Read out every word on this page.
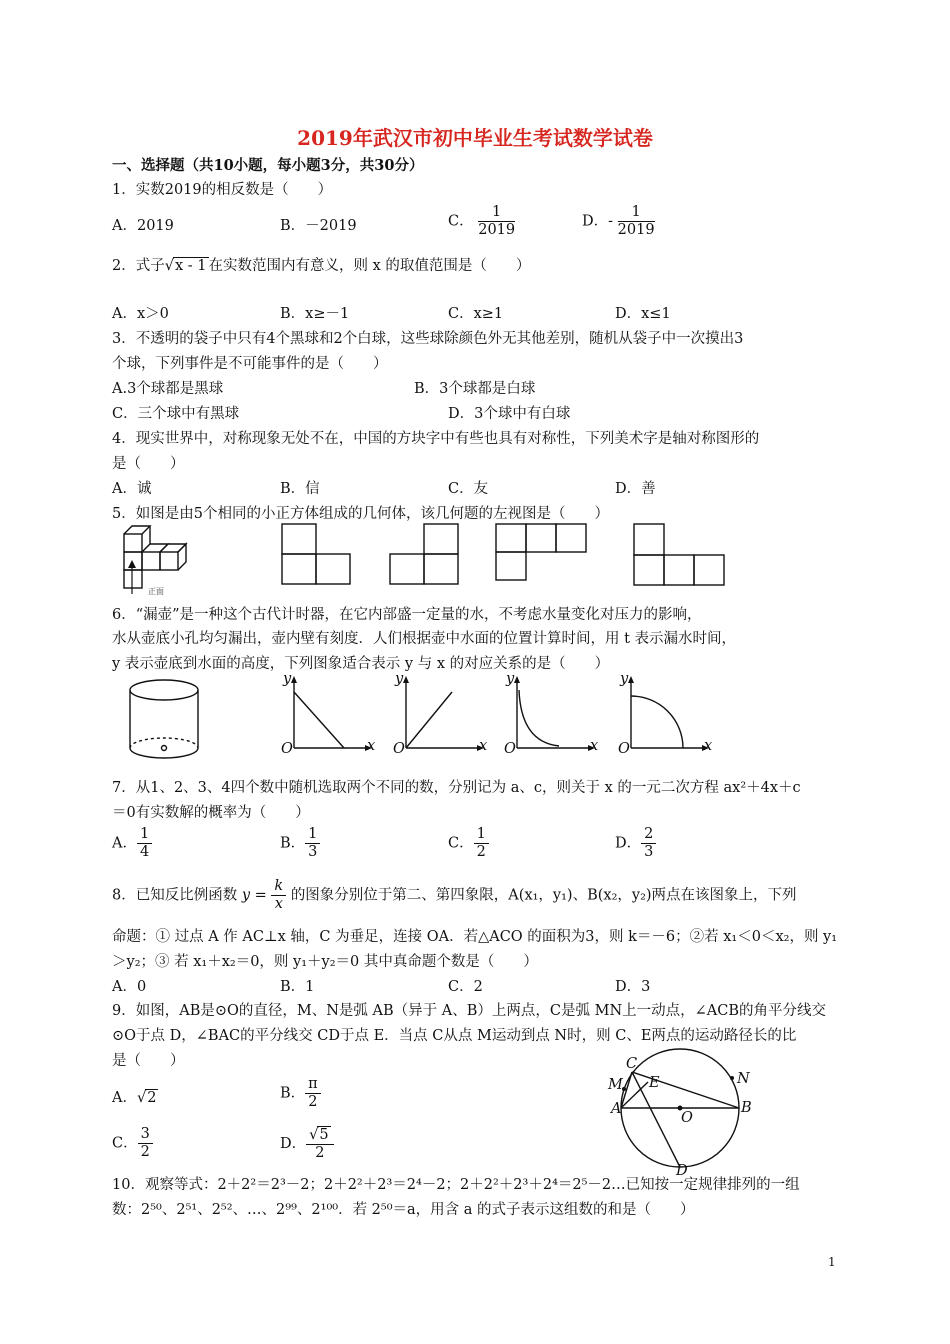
2019年武汉市初中毕业生考试数学试卷
一、选择题（共10小题，每小题3分，共30分）
1．实数2019的相反数是（　　）
A．2019	B．－2019	C． $\frac{1}{2019}$	D．- $\frac{1}{2019}$
2．式子√x - 1 在实数范围内有意义，则 x 的取值范围是（　　）
A．x＞0	B．x≥－1	C．x≥1	D．x≤1
3．不透明的袋子中只有4个黑球和2个白球，这些球除颜色外无其他差别，随机从袋子中一次摸出3
个球，下列事件是不可能事件的是（　　）
A.3个球都是黑球	B．3个球都是白球
C．三个球中有黑球	D．3个球中有白球
4．现实世界中，对称现象无处不在，中国的方块字中有些也具有对称性，下列美术字是轴对称图形的
是（　　）
A．诚	B．信	C．友	D．善
5．如图是由5个相同的小正方体组成的几何体，该几何题的左视图是（　　）
正面
6．“漏壶”是一种这个古代计时器，在它内部盛一定量的水，不考虑水量变化对压力的影响，
水从壶底小孔均匀漏出，壶内壁有刻度．人们根据壶中水面的位置计算时间，用 t 表示漏水时间，
y 表示壶底到水面的高度，下列图象适合表示 y 与 x 的对应关系的是（　　）
y
x
O
y
x
O
y
x
O
y
x
O
7．从1、2、3、4四个数中随机选取两个不同的数，分别记为 a、c，则关于 x 的一元二次方程 ax²＋4x＋c
＝0有实数解的概率为（　　）
A． $\frac{1}{4}$	B． $\frac{1}{3}$	C． $\frac{1}{2}$	D． $\frac{2}{3}$
8．已知反比例函数 $y = \frac{k}{x}$ 的图象分别位于第二、第四象限，A(x₁，y₁)、B(x₂，y₂)两点在该图象上，下列
命题：① 过点 A 作 AC⊥x 轴，C 为垂足，连接 OA．若△ACO 的面积为3，则 k＝－6；②若 x₁＜0＜x₂，则 y₁
＞y₂；③ 若 x₁＋x₂＝0，则 y₁＋y₂＝0 其中真命题个数是（　　）
A．0	B．1	C．2	D．3
9．如图，AB是⊙O的直径，M、N是弧 AB（异于 A、B）上两点，C是弧 MN上一动点，∠ACB的角平分线交
⊙O于点 D，∠BAC的平分线交 CD于点 E．当点 C从点 M运动到点 N时，则 C、E两点的运动路径长的比
是（　　）
A．√2	B． $\frac{\pi}{2}$
C． $\frac{3}{2}$	D． $\frac{√5}{2}$
C
M E	N
A
O
B
D
10．观察等式：2＋2²＝2³－2；2＋2²＋2³＝2⁴－2；2＋2²＋2³＋2⁴＝2⁵－2…已知按一定规律排列的一组
数：2⁵⁰、2⁵¹、2⁵²、…、2⁹⁹、2¹⁰⁰．若 2⁵⁰＝a，用含 a 的式子表示这组数的和是（　　）
1
